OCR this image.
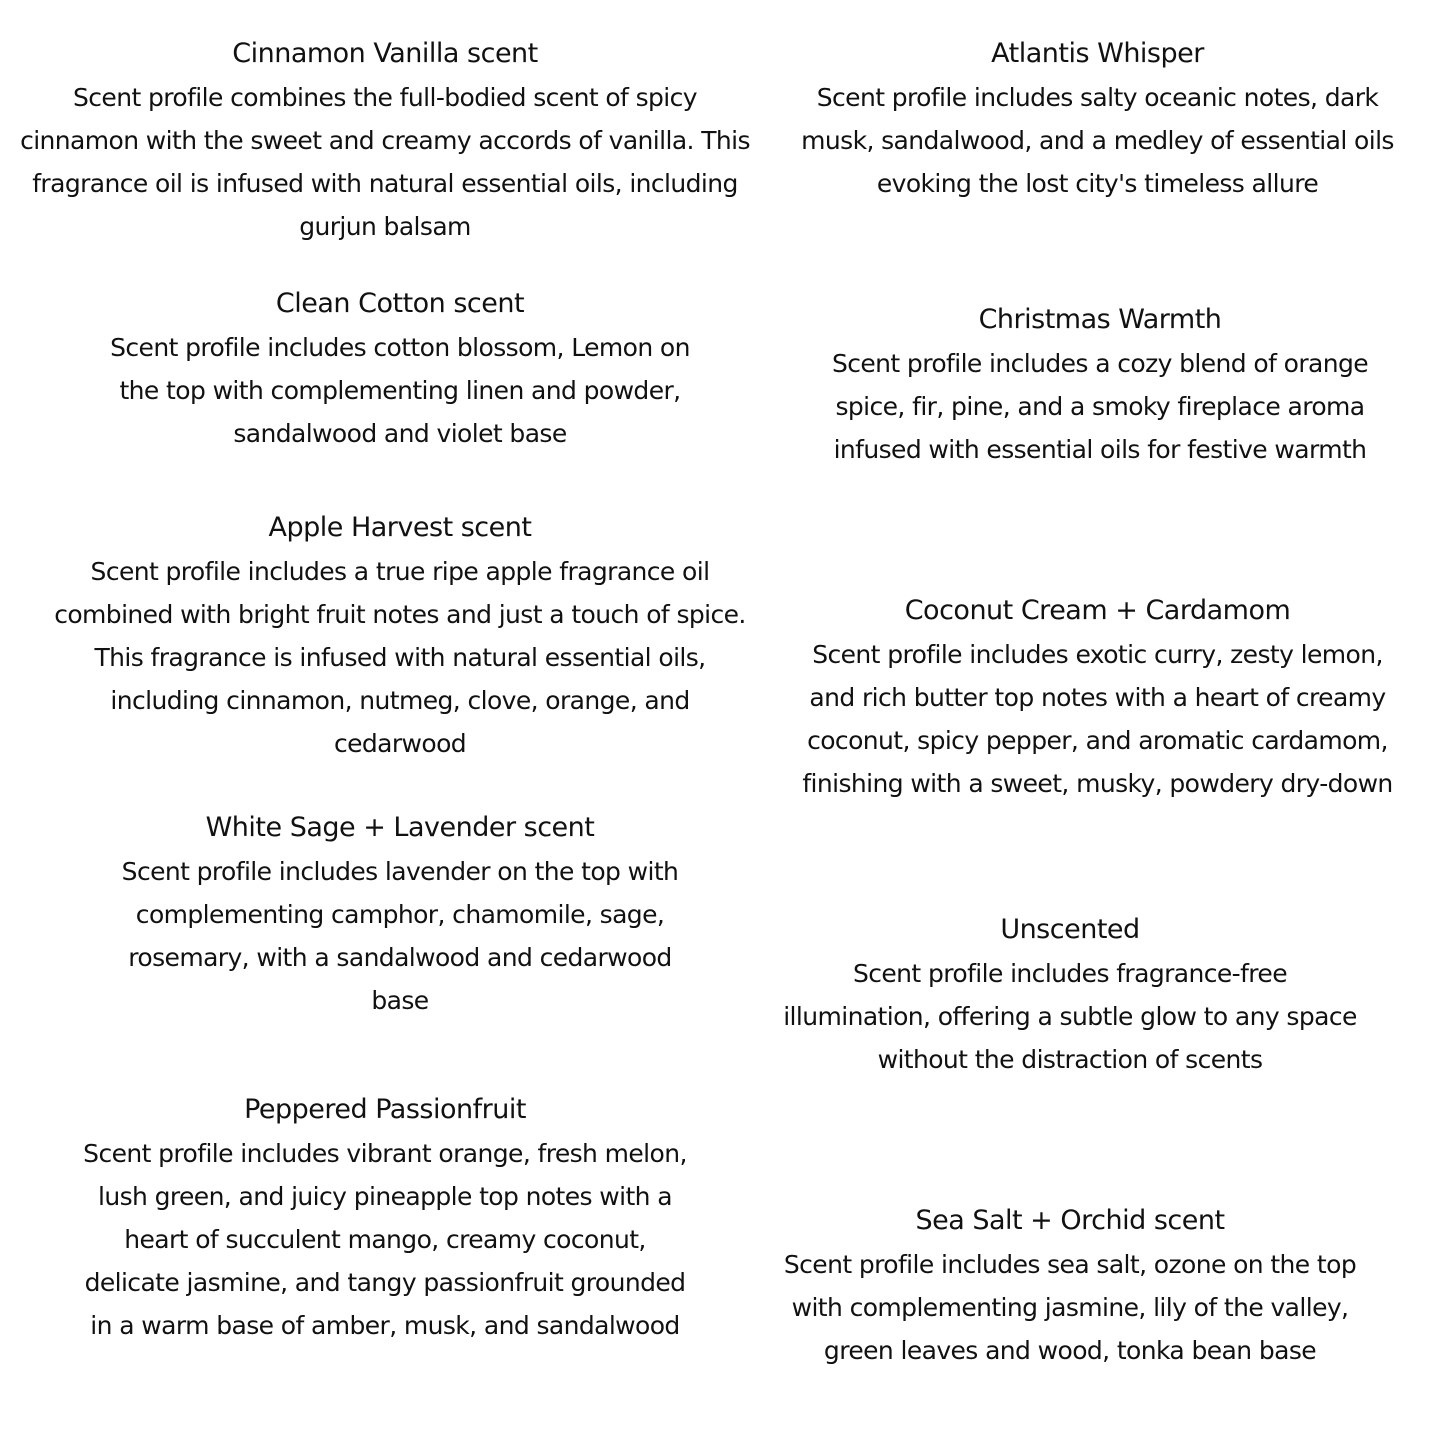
Cinnamon Vanilla scent
Scent profile combines the full-bodied scent of spicy cinnamon with the sweet and creamy accords of vanilla. This fragrance oil is infused with natural essential oils, including gurjun balsam
Clean Cotton scent
Scent profile includes cotton blossom, Lemon on the top with complementing linen and powder, sandalwood and violet base
Apple Harvest scent
Scent profile includes a true ripe apple fragrance oil combined with bright fruit notes and just a touch of spice. This fragrance is infused with natural essential oils, including cinnamon, nutmeg, clove, orange, and cedarwood
White Sage + Lavender scent
Scent profile includes lavender on the top with complementing camphor, chamomile, sage, rosemary, with a sandalwood and cedarwood base
Peppered Passionfruit
Scent profile includes vibrant orange, fresh melon, lush green, and juicy pineapple top notes with a heart of succulent mango, creamy coconut, delicate jasmine, and tangy passionfruit grounded in a warm base of amber, musk, and sandalwood
Atlantis Whisper
Scent profile includes salty oceanic notes, dark musk, sandalwood, and a medley of essential oils evoking the lost city's timeless allure
Christmas Warmth
Scent profile includes a cozy blend of orange spice, fir, pine, and a smoky fireplace aroma infused with essential oils for festive warmth
Coconut Cream + Cardamom
Scent profile includes exotic curry, zesty lemon, and rich butter top notes with a heart of creamy coconut, spicy pepper, and aromatic cardamom, finishing with a sweet, musky, powdery dry-down
Unscented
Scent profile includes fragrance-free illumination, offering a subtle glow to any space without the distraction of scents
Sea Salt + Orchid scent
Scent profile includes sea salt, ozone on the top with complementing jasmine, lily of the valley, green leaves and wood, tonka bean base
